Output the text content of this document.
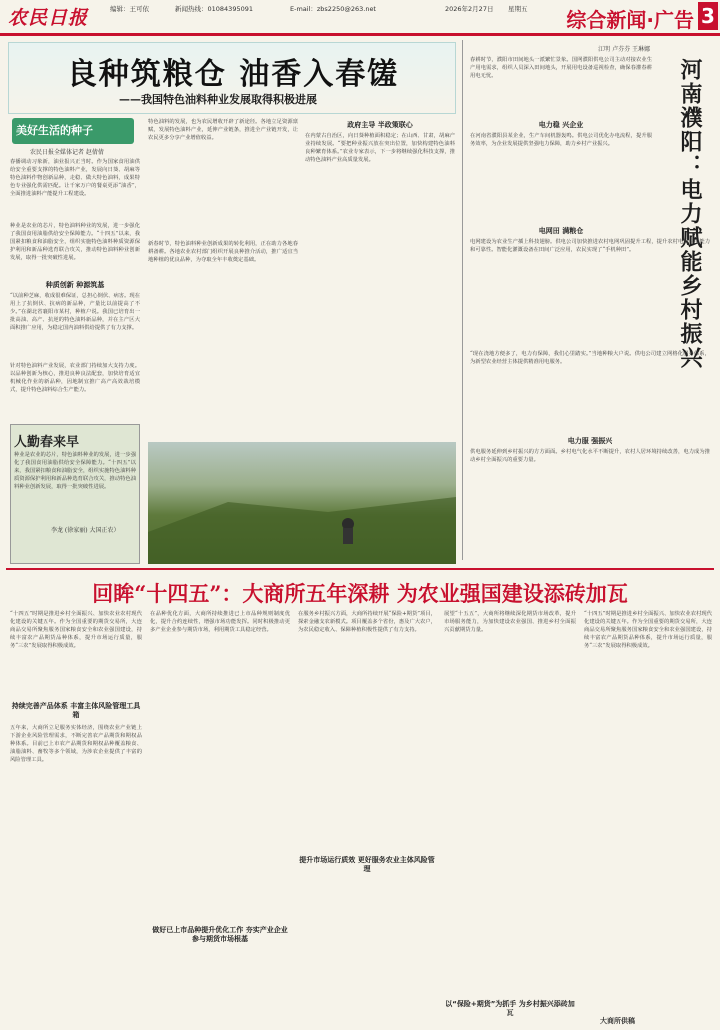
农民日报	编辑：王可依	新闻热线：01084395091	E-mail：zbs2250@263.net	2026年2月27日 星期五 综合新闻·广告 3
良种筑粮仓 油香入春馐
——我国特色油料种业发展取得积极进展
美好生活的种子
农民日报全媒体记者 赵倩倩
春播调动习象新，油业报兴正当时。作为国家食用油供给安全重要支撑的特色油料产业，发展向日葵、胡麻等特色油料作物创新品种，走稳、做大特色油料，成果特色专业强化供需匹配。让千家万户的餐桌更添“油香”，全面推进油料产能提升工程建设。
种业是农业的芯片，特色油料种业的发展，进一步强化了我国食用油脂供给安全保障能力。“十四五”以来，我国紧扣粮食和油脂安全，组织实施特色油料种质资源保护利用和新品种选育联合攻关，推动特色油料种业创新发展，取得一批突破性进展。
种质创新 种源筑基
“以前种芝麻，收成很难保证，总担心倒伏、病害。现在用上了抗倒伏、抗病的新品种，产量比以前提高了不少。”在湖北省襄阳市某村，种植户说。我国已培育出一批高油、高产、抗逆的特色油料新品种，并在主产区大面积推广应用，为稳定国内油料供给提供了有力支撑。
针对特色油料产业发展，农业部门持续加大支持力度。以品种创新为核心，推进良种良法配套，加快培育适宜机械化作业的新品种，因地制宜推广高产高效栽培模式，提升特色油料综合生产能力。
特色油料的发展，也为农民增收开辟了新途径。各地立足资源禀赋，发展特色油料产业，延伸产业链条，推进全产业链开发，让农民更多分享产业增值收益。
新春时节，特色油料种业创新成果的转化利用，正在助力各地春耕备耕。各地农业农村部门组织开展良种推介活动，推广适宜当地种植的优良品种，为夺取全年丰收奠定基础。
政府主导 半政策联心
在内蒙古自治区，向日葵种植面积稳定；在山西、甘肃，胡麻产业持续发展。“要把种业振兴放在突出位置，加快构建特色油料良种繁育体系。”农业专家表示，下一步将继续强化科技支撑，推动特色油料产业高质量发展。
人勤春来早
种业是农业的芯片，特色油料种业的发展，进一步强化了我国食用油脂供给安全保障能力。“十四五”以来，我国紧扣粮食和油脂安全，组织实施特色油料种质资源保护利用和新品种选育联合攻关，推动特色油料种业创新发展，取得一批突破性进展。
李龙 (徐家丽) 大国正农）
江明 卢芬芬 王琳娜
河南濮阳：电力赋能乡村振兴
春耕时节，濮阳市田间地头一派繁忙景象。国网濮阳供电公司主动对接农业生产用电需求，组织人员深入田间地头，开展用电设备巡视检查，确保春灌春耕用电无忧。
电力稳 兴企业
在河南省濮阳县某企业，生产车间机器轰鸣。供电公司优化办电流程，提升服务效率，为企业发展提供坚强电力保障，助力乡村产业振兴。
电网田 满粮仓
电网建设为农业生产插上科技翅膀。供电公司加快推进农村电网巩固提升工程，提升农村电网供电能力和可靠性。智能化灌溉设备在田间广泛应用，农民实现了“手机种田”。
“现在浇地方便多了，电力有保障，我们心里踏实。”当地种粮大户说。供电公司建立网格化服务体系，为新型农业经营主体提供精准用电服务。
电力服 强振兴
供电服务延伸到乡村振兴的方方面面。乡村电气化水平不断提升，农村人居环境持续改善，电力成为推动乡村全面振兴的重要力量。
回眸“十四五”：大商所五年深耕 为农业强国建设添砖加瓦
“十四五”时期是推进乡村全面振兴、加快农业农村现代化建设的关键五年。作为全国重要的期货交易所，大连商品交易所聚焦服务国家粮食安全和农业强国建设，持续丰富农产品期货品种体系，提升市场运行质量，服务“三农”发展取得积极成效。
持续完善产品体系 丰富主体风险管理工具箱
五年来，大商所立足服务实体经济，围绕农业产业链上下游企业风险管理需求，不断完善农产品期货和期权品种体系。目前已上市农产品期货和期权品种覆盖粮食、油脂油料、畜牧等多个领域，为涉农企业提供了丰富的风险管理工具。
在品种优化方面，大商所持续推进已上市品种规则制度优化，提升合约连续性，增强市场功能发挥。同时积极推动更多产业企业参与期货市场，利用期货工具稳定经营。
做好已上市品种提升优化工作 夯实产业企业参与期货市场根基
在服务乡村振兴方面，大商所持续开展“保险+期货”项目，探索金融支农新模式。项目覆盖多个省份，惠及广大农户，为农民稳定收入、保障种植积极性提供了有力支持。
提升市场运行质效 更好服务农业主体风险管理
展望“十五五”，大商所将继续深化期货市场改革，提升市场服务能力，为加快建设农业强国、推进乡村全面振兴贡献期货力量。
以“保险+期货”为抓手 为乡村振兴添砖加瓦
“十四五”时期是推进乡村全面振兴、加快农业农村现代化建设的关键五年。作为全国重要的期货交易所，大连商品交易所聚焦服务国家粮食安全和农业强国建设，持续丰富农产品期货品种体系，提升市场运行质量，服务“三农”发展取得积极成效。
大商所供稿
